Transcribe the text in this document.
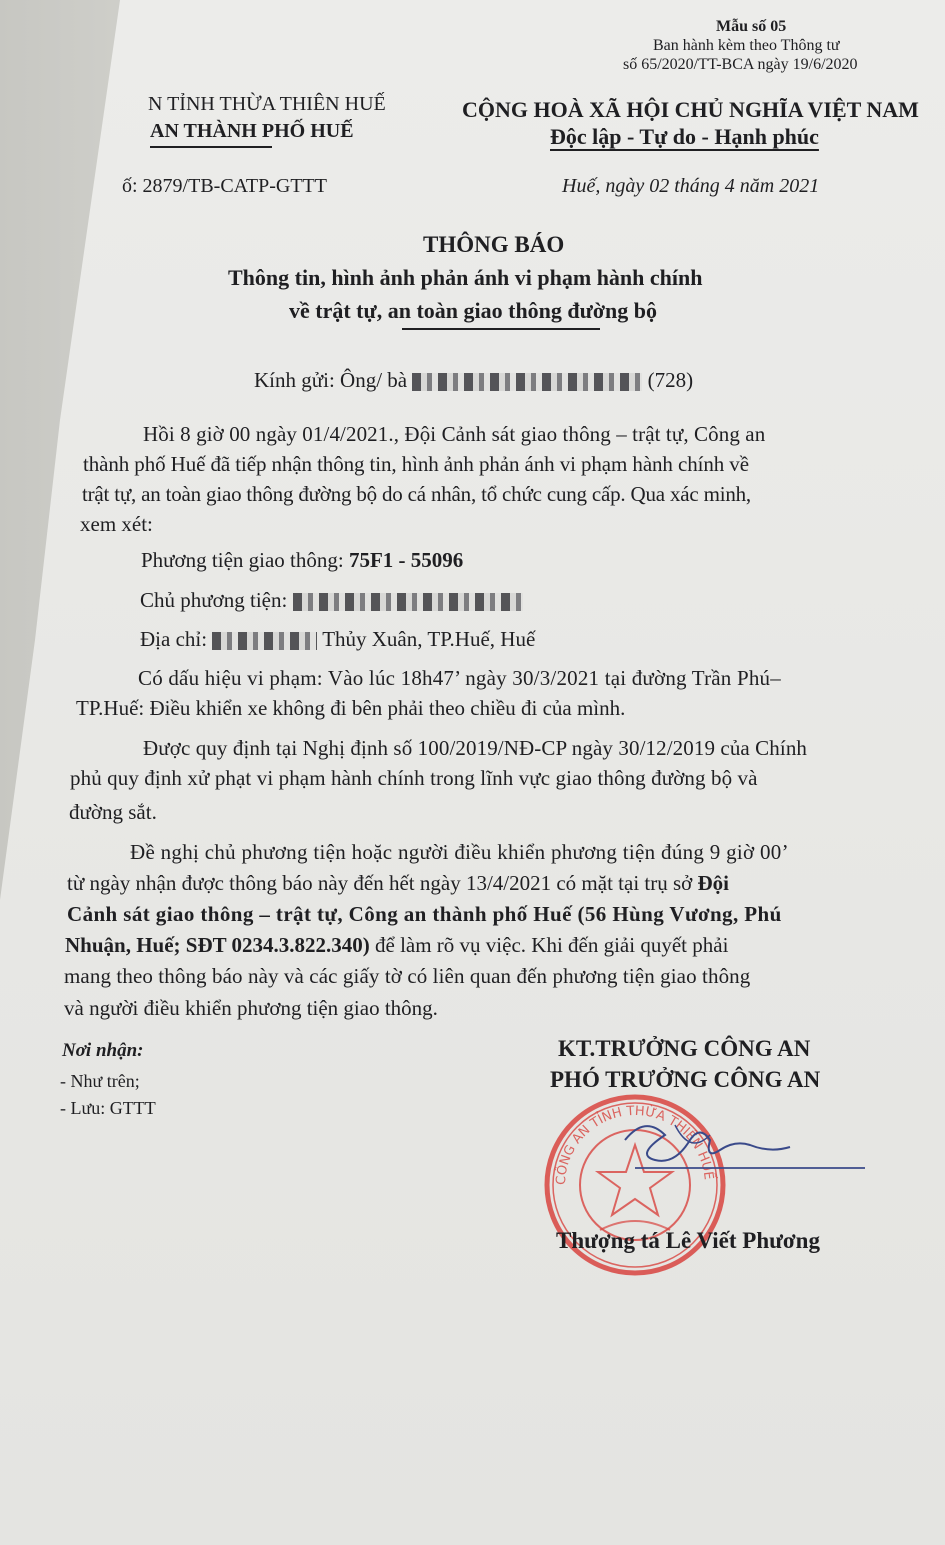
Mẫu số 05
Ban hành kèm theo Thông tư
số 65/2020/TT-BCA ngày 19/6/2020
N TỈNH THỪA THIÊN HUẾ
AN THÀNH PHỐ HUẾ
CỘNG HOÀ XÃ HỘI CHỦ NGHĨA VIỆT NAM
Độc lập - Tự do - Hạnh phúc
ố: 2879/TB-CATP-GTTT	Huế, ngày 02 tháng 4 năm 2021
THÔNG BÁO
Thông tin, hình ảnh phản ánh vi phạm hành chính
về trật tự, an toàn giao thông đường bộ
Kính gửi: Ông/ bà	(728)
Hồi 8 giờ 00 ngày 01/4/2021., Đội Cảnh sát giao thông – trật tự, Công an
thành phố Huế đã tiếp nhận thông tin, hình ảnh phản ánh vi phạm hành chính về
trật tự, an toàn giao thông đường bộ do cá nhân, tổ chức cung cấp. Qua xác minh,
xem xét:
Phương tiện giao thông: 75F1 - 55096
Chủ phương tiện:
Địa chỉ:	Thủy Xuân, TP.Huế, Huế
Có dấu hiệu vi phạm: Vào lúc 18h47’ ngày 30/3/2021 tại đường Trần Phú–
TP.Huế: Điều khiển xe không đi bên phải theo chiều đi của mình.
Được quy định tại Nghị định số 100/2019/NĐ-CP ngày 30/12/2019 của Chính
phủ quy định xử phạt vi phạm hành chính trong lĩnh vực giao thông đường bộ và
đường sắt.
Đề nghị chủ phương tiện hoặc người điều khiển phương tiện đúng 9 giờ 00’
từ ngày nhận được thông báo này đến hết ngày 13/4/2021 có mặt tại trụ sở Đội
Cảnh sát giao thông – trật tự, Công an thành phố Huế (56 Hùng Vương, Phú
Nhuận, Huế; SĐT 0234.3.822.340) để làm rõ vụ việc. Khi đến giải quyết phải
mang theo thông báo này và các giấy tờ có liên quan đến phương tiện giao thông
và người điều khiển phương tiện giao thông.
Nơi nhận:
- Như trên;
- Lưu: GTTT
KT.TRƯỞNG CÔNG AN
PHÓ TRƯỞNG CÔNG AN
CÔNG AN TỈNH THỪA THIÊN HUẾ
Thượng tá Lê Viết Phương
